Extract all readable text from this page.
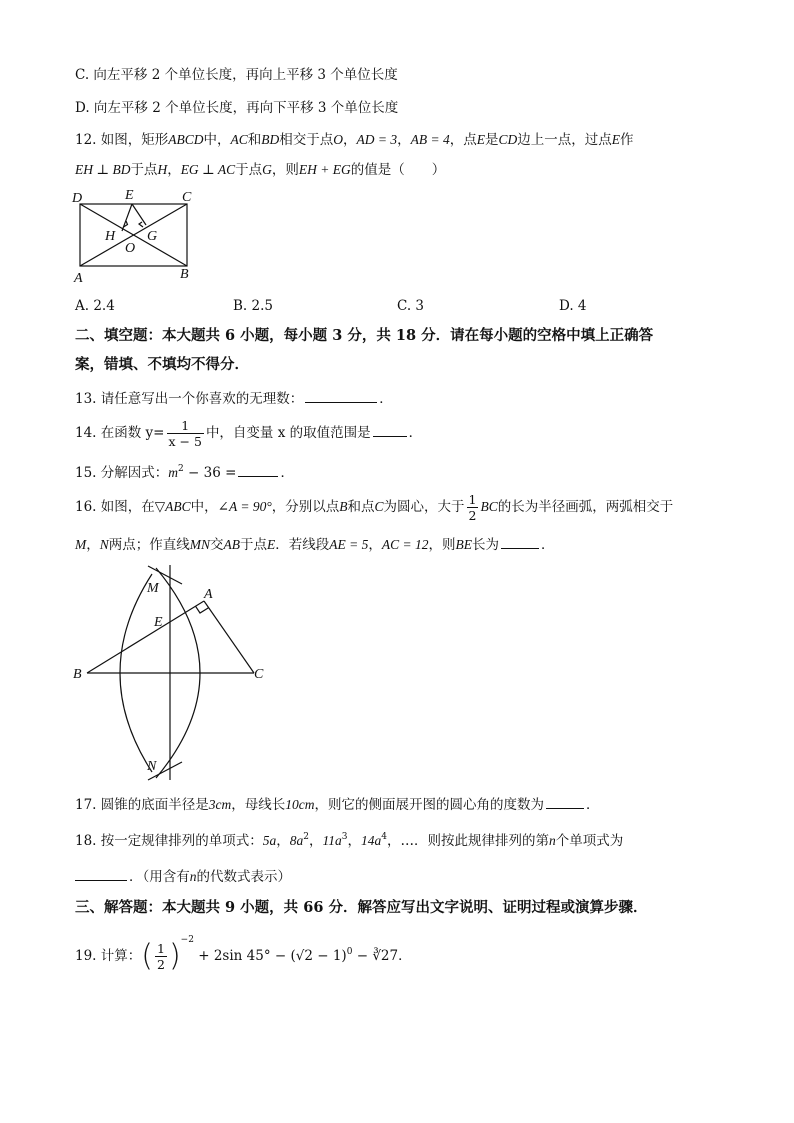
C. 向左平移 2 个单位长度，再向上平移 3 个单位长度
D. 向左平移 2 个单位长度，再向下平移 3 个单位长度
12. 如图，矩形ABCD中，AC和BD相交于点O，AD = 3，AB = 4，点E是CD边上一点，过点E作
EH ⊥ BD于点H，EG ⊥ AC于点G，则EH + EG的值是（　　）
D	E	C
H G
O
A	B
A. 2.4	B. 2.5	C. 3	D. 4
二、填空题：本大题共 6 小题，每小题 3 分，共 18 分．请在每小题的空格中填上正确答
案，错填、不填均不得分．
13. 请任意写出一个你喜欢的无理数：	．
14. 在函数 $y= \frac{1}{x - 5}$ 中，自变量 x 的取值范围是	．
15. 分解因式：$m^2 - 36$ =	．
16. 如图，在▽ABC中，∠A = 90°，分别以点B和点C为圆心，大于 $\frac{1}{2}$ BC的长为半径画弧，两弧相交于
M，N两点；作直线MN交AB于点E．若线段AE = 5，AC = 12，则BE长为	．
M	A
E
B	C
N
17. 圆锥的底面半径是3cm，母线长10cm，则它的侧面展开图的圆心角的度数为	．
18. 按一定规律排列的单项式：5a，$8a^2$，$11a^3$，$14a^4$，…．则按此规律排列的第n个单项式为
．（用含有n的代数式表示）
三、解答题：本大题共 9 小题，共 66 分．解答应写出文字说明、证明过程或演算步骤．
19. 计算：( $\frac{1}{2} )^{-2} + 2\sin$ $45^\circ - (√2 - 1)^0$ − ∛27．
